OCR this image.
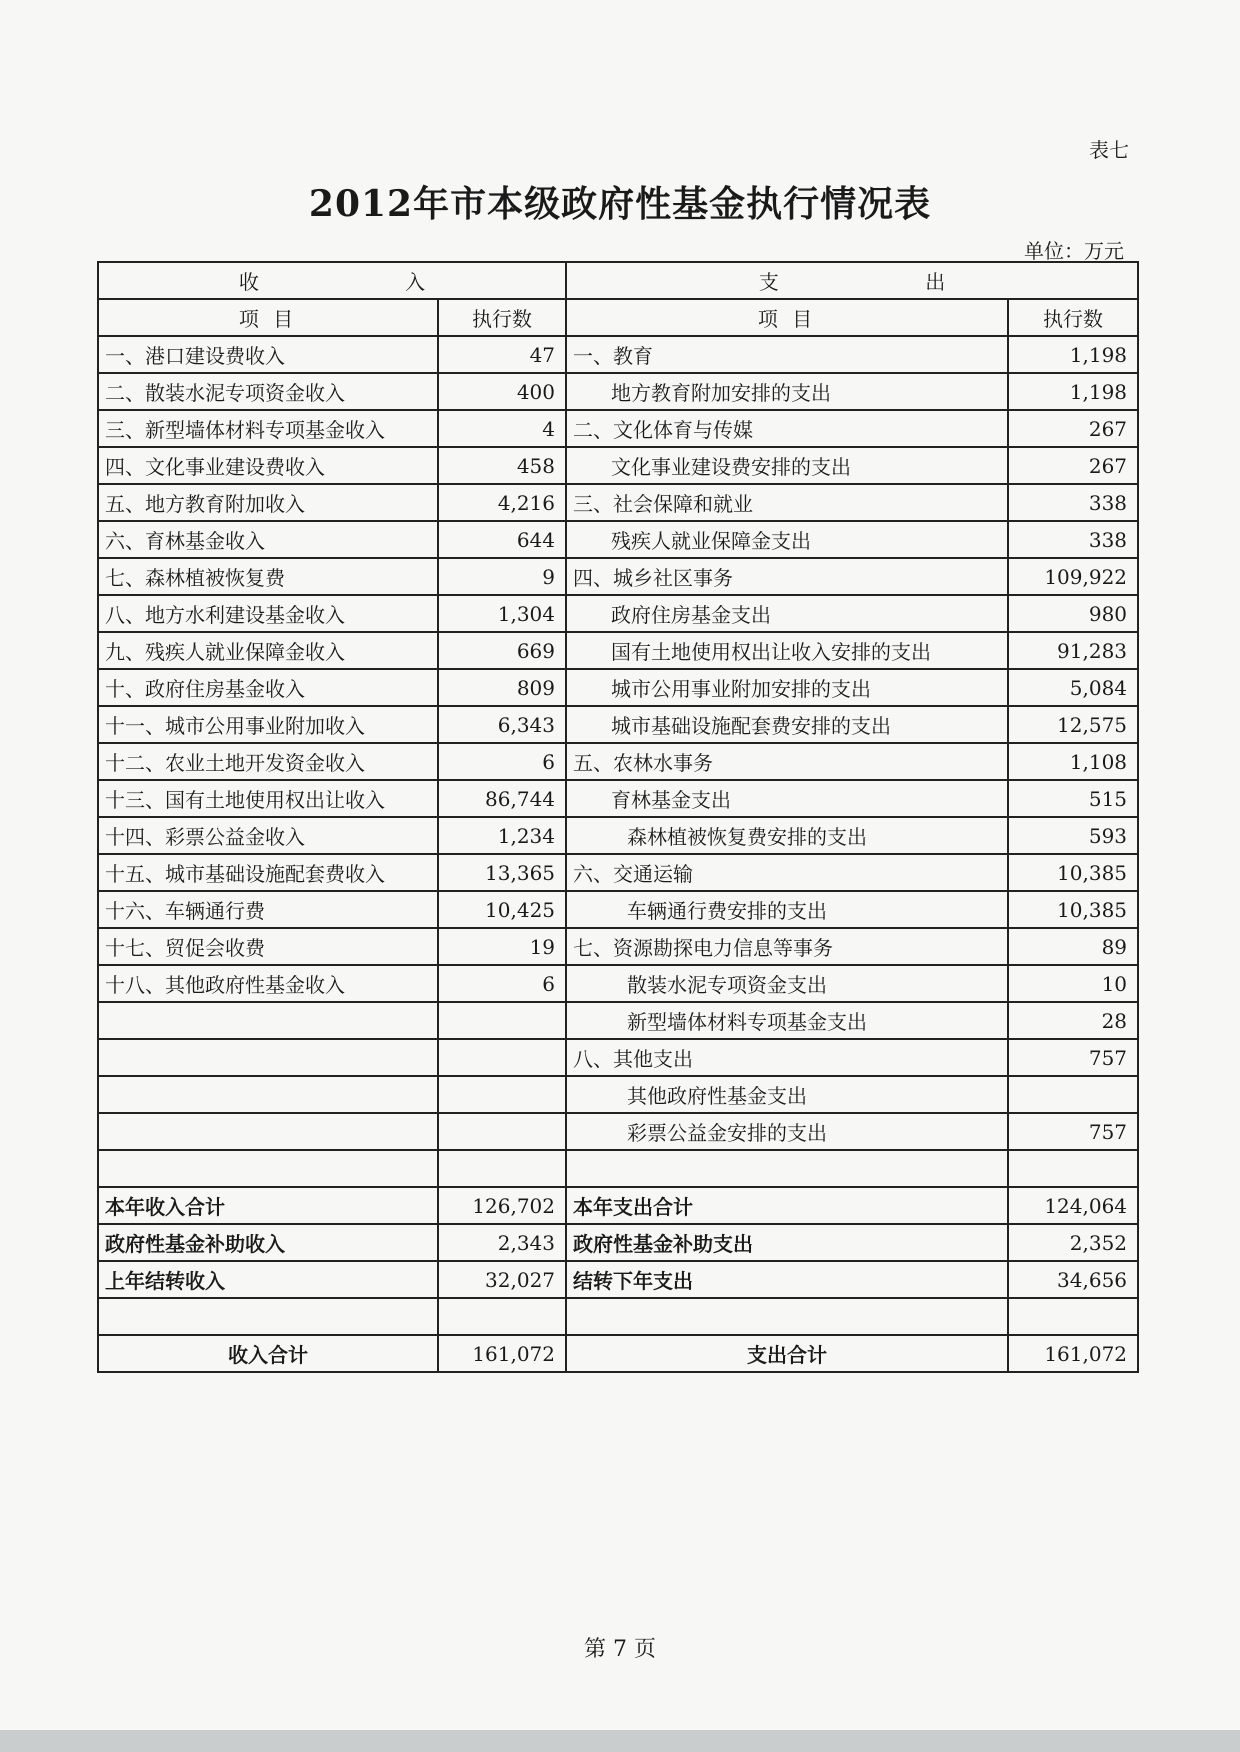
表七
2012年市本级政府性基金执行情况表
单位：万元
收 入		支 出	
项 目	执行数	项 目	执行数
一、港口建设费收入	47	一、教育	1,198
二、散装水泥专项资金收入	400	地方教育附加安排的支出	1,198
三、新型墙体材料专项基金收入	4	二、文化体育与传媒	267
四、文化事业建设费收入	458	文化事业建设费安排的支出	267
五、地方教育附加收入	4,216	三、社会保障和就业	338
六、育林基金收入	644	残疾人就业保障金支出	338
七、森林植被恢复费	9	四、城乡社区事务	109,922
八、地方水利建设基金收入	1,304	政府住房基金支出	980
九、残疾人就业保障金收入	669	国有土地使用权出让收入安排的支出	91,283
十、政府住房基金收入	809	城市公用事业附加安排的支出	5,084
十一、城市公用事业附加收入	6,343	城市基础设施配套费安排的支出	12,575
十二、农业土地开发资金收入	6	五、农林水事务	1,108
十三、国有土地使用权出让收入	86,744	育林基金支出	515
十四、彩票公益金收入	1,234	森林植被恢复费安排的支出	593
十五、城市基础设施配套费收入	13,365	六、交通运输	10,385
十六、车辆通行费	10,425	车辆通行费安排的支出	10,385
十七、贸促会收费	19	七、资源勘探电力信息等事务	89
十八、其他政府性基金收入	6	散装水泥专项资金支出	10
		新型墙体材料专项基金支出	28
		八、其他支出	757
		其他政府性基金支出	
		彩票公益金安排的支出	757

本年收入合计	126,702	本年支出合计	124,064
政府性基金补助收入	2,343	政府性基金补助支出	2,352
上年结转收入	32,027	结转下年支出	34,656

收入合计	161,072	支出合计	161,072
第 7 页
